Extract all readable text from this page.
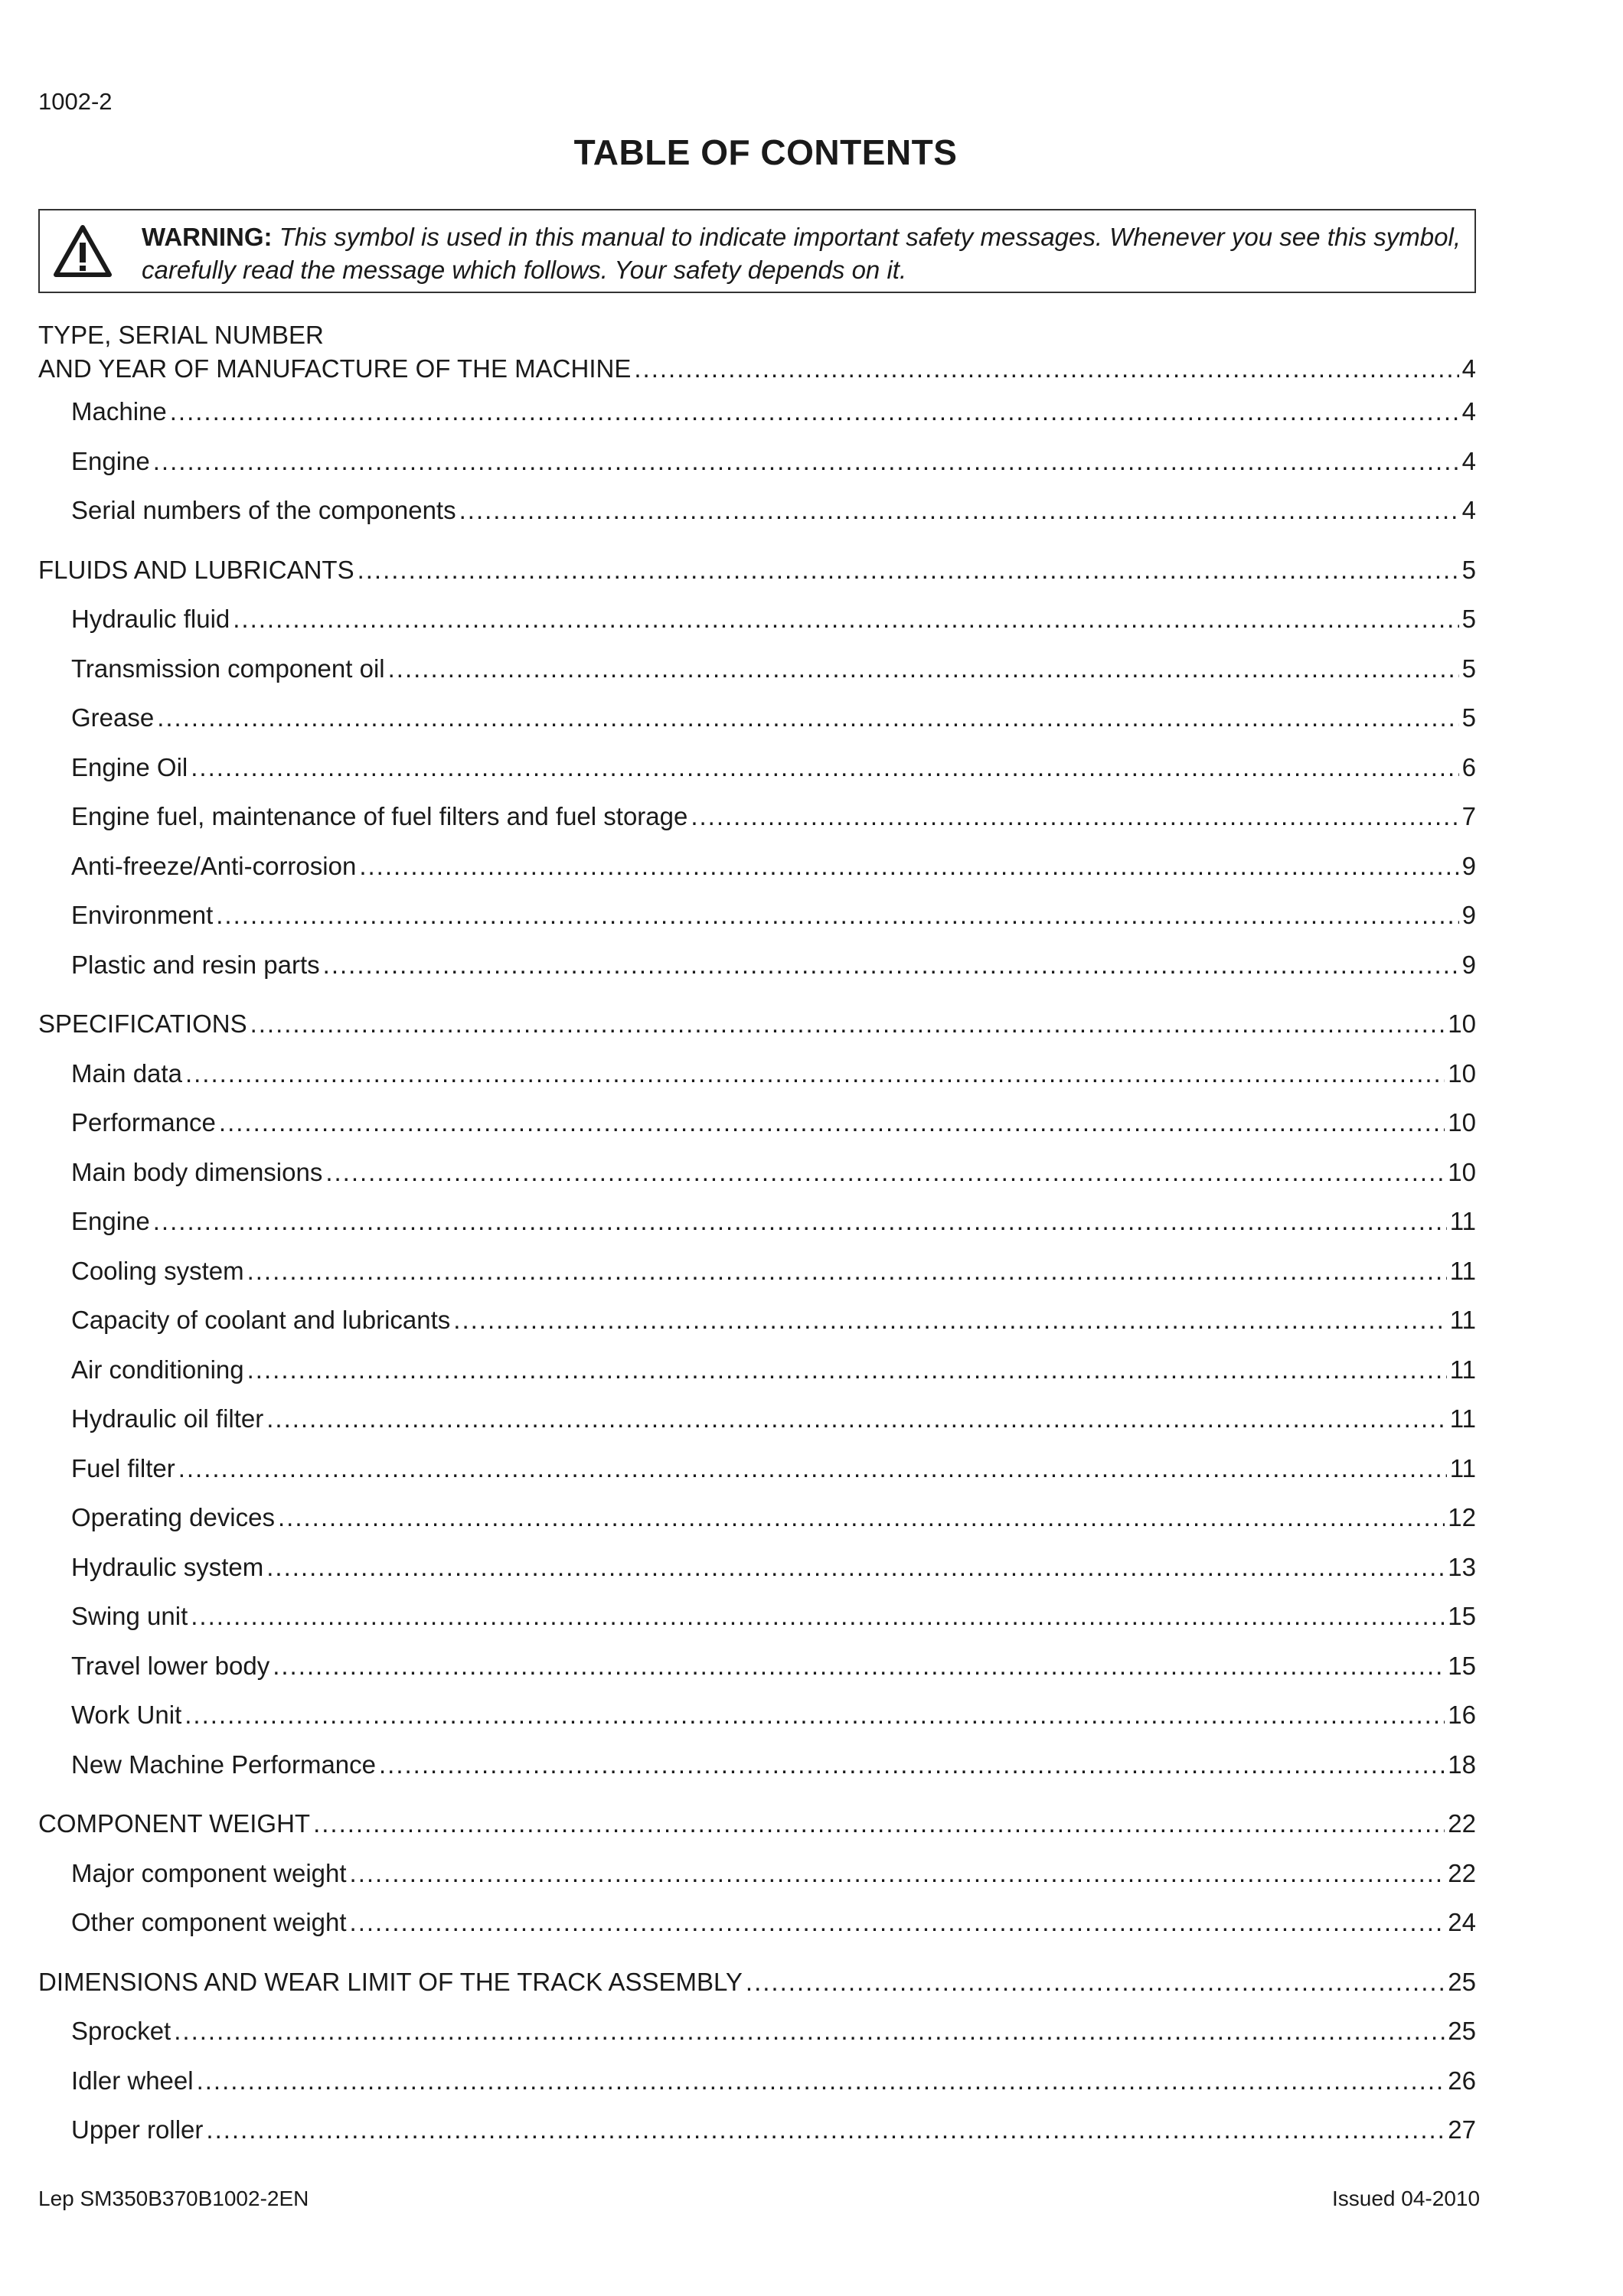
1002-2
TABLE OF CONTENTS
WARNING: This symbol is used in this manual to indicate important safety messages. Whenever you see this symbol, carefully read the message which follows. Your safety depends on it.
TYPE, SERIAL NUMBER
AND YEAR OF MANUFACTURE OF THE MACHINE .....	4
Machine .....	4
Engine .....	4
Serial numbers of the components .....	4
FLUIDS AND LUBRICANTS .....	5
Hydraulic fluid .....	5
Transmission component oil .....	5
Grease .....	5
Engine Oil .....	6
Engine fuel, maintenance of fuel filters and fuel storage .....	7
Anti-freeze/Anti-corrosion .....	9
Environment .....	9
Plastic and resin parts .....	9
SPECIFICATIONS .....	10
Main data .....	10
Performance .....	10
Main body dimensions .....	10
Engine .....	11
Cooling system .....	11
Capacity of coolant and lubricants .....	11
Air conditioning .....	11
Hydraulic oil filter .....	11
Fuel filter .....	11
Operating devices .....	12
Hydraulic system .....	13
Swing unit .....	15
Travel lower body .....	15
Work Unit .....	16
New Machine Performance .....	18
COMPONENT WEIGHT .....	22
Major component weight .....	22
Other component weight .....	24
DIMENSIONS AND WEAR LIMIT OF THE TRACK ASSEMBLY .....	25
Sprocket .....	25
Idler wheel .....	26
Upper roller .....	27
Lep SM350B370B1002-2EN	Issued 04-2010
